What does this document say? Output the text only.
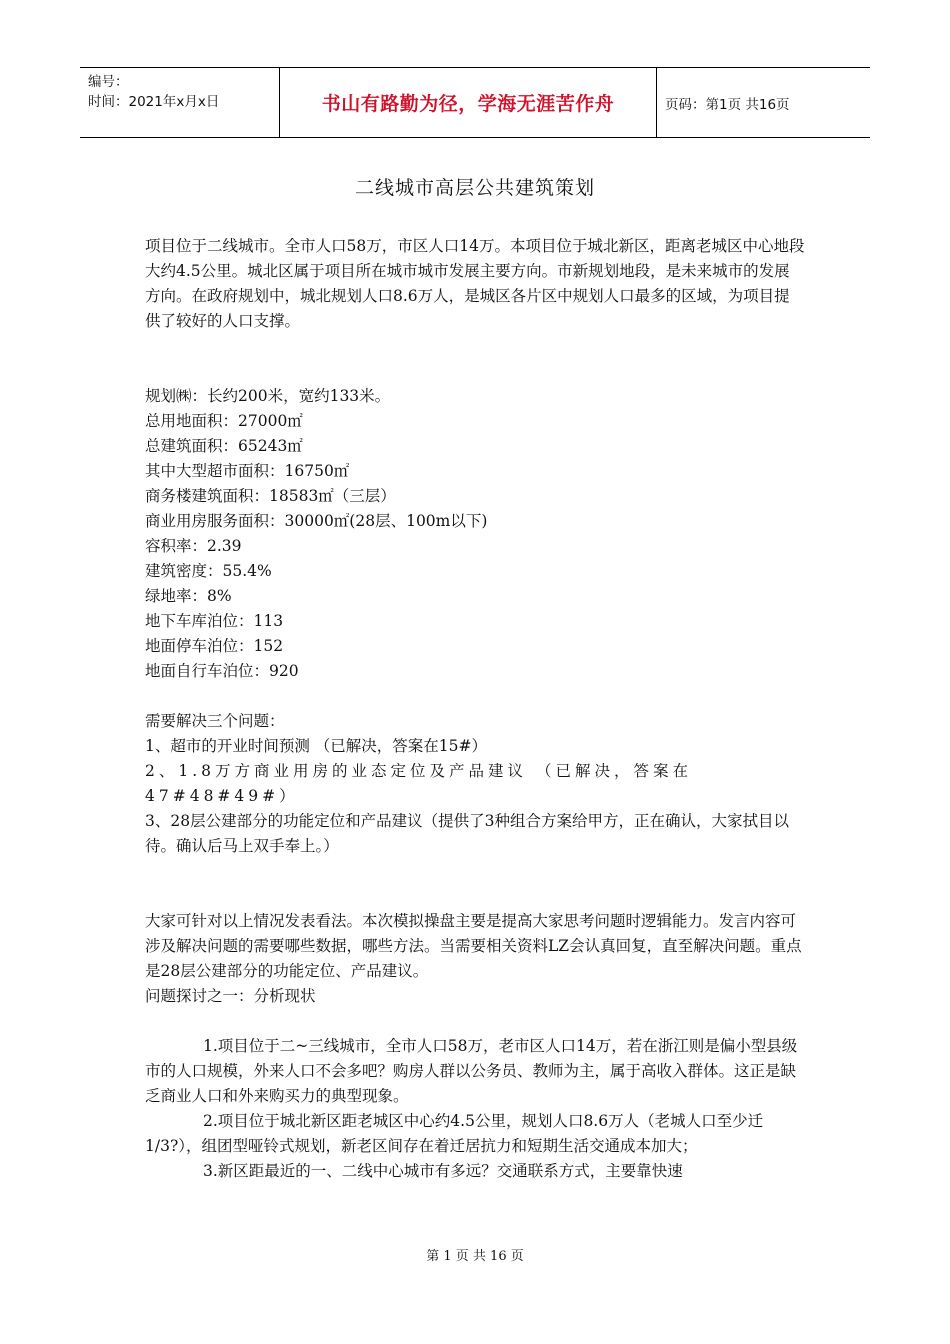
编号：
时间：2021年x月x日	书山有路勤为径，学海无涯苦作舟	页码：第1页 共16页
二线城市高层公共建筑策划

项目位于二线城市。全市人口58万，市区人口14万。本项目位于城北新区，距离老城区中心地段大约4.5公里。城北区属于项目所在城市城市发展主要方向。市新规划地段，是未来城市的发展方向。在政府规划中，城北规划人口8.6万人，是城区各片区中规划人口最多的区域，为项目提供了较好的人口支撑。

规划㈱：长约200米，宽约133米。

总用地面积：27000㎡

总建筑面积：65243㎡

其中大型超市面积：16750㎡

商务楼建筑面积：18583㎡（三层）

商业用房服务面积：30000㎡(28层、100m以下)

容积率：2.39

建筑密度：55.4%

绿地率：8%

地下车库泊位：113

地面停车泊位：152

地面自行车泊位：920

需要解决三个问题：

1、超市的开业时间预测 （已解决，答案在15#）

2、1.8万方商业用房的业态定位及产品建议 （已解决，答案在47#48#49#）

3、28层公建部分的功能定位和产品建议（提供了3种组合方案给甲方，正在确认，大家拭目以待。确认后马上双手奉上。）

大家可针对以上情况发表看法。本次模拟操盘主要是提高大家思考问题时逻辑能力。发言内容可涉及解决问题的需要哪些数据，哪些方法。当需要相关资料LZ会认真回复，直至解决问题。重点是28层公建部分的功能定位、产品建议。

问题探讨之一：分析现状

1.项目位于二~三线城市，全市人口58万，老市区人口14万，若在浙江则是偏小型县级市的人口规模，外来人口不会多吧？购房人群以公务员、教师为主，属于高收入群体。这正是缺乏商业人口和外来购买力的典型现象。

2.项目位于城北新区距老城区中心约4.5公里，规划人口8.6万人（老城人口至少迁1/3?），组团型哑铃式规划，新老区间存在着迁居抗力和短期生活交通成本加大；

3.新区距最近的一、二线中心城市有多远？交通联系方式，主要靠快速

第 1 页 共 16 页
